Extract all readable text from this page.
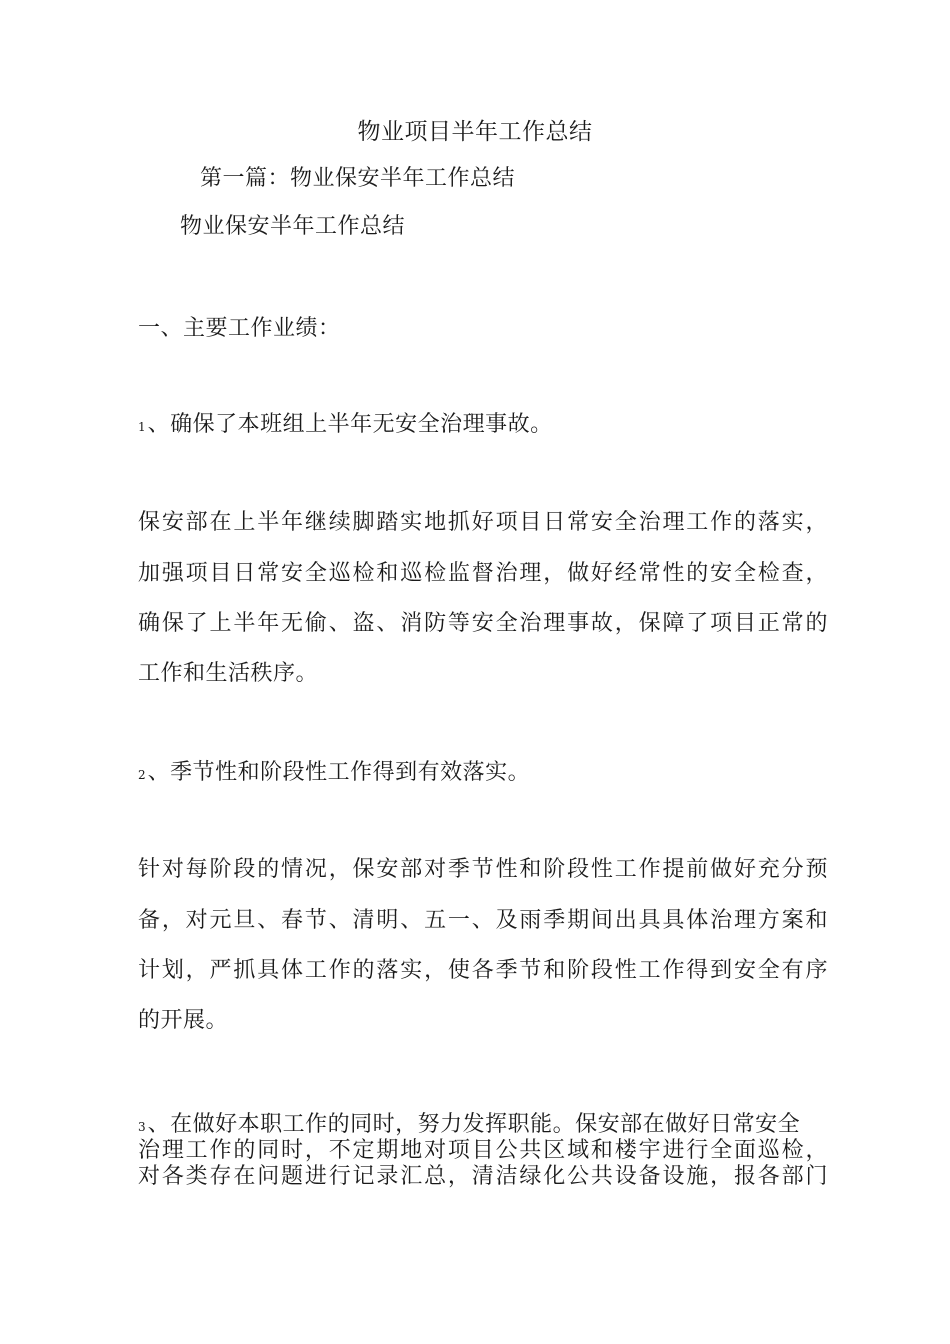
物业项目半年工作总结
第一篇：物业保安半年工作总结
物业保安半年工作总结
一、主要工作业绩：
1、确保了本班组上半年无安全治理事故。
保安部在上半年继续脚踏实地抓好项目日常安全治理工作的落实，
加强项目日常安全巡检和巡检监督治理，做好经常性的安全检查，
确保了上半年无偷、盗、消防等安全治理事故，保障了项目正常的
工作和生活秩序。
2、季节性和阶段性工作得到有效落实。
针对每阶段的情况，保安部对季节性和阶段性工作提前做好充分预
备，对元旦、春节、清明、五一、及雨季期间出具具体治理方案和
计划，严抓具体工作的落实，使各季节和阶段性工作得到安全有序
的开展。
3、在做好本职工作的同时，努力发挥职能。保安部在做好日常安全
治理工作的同时，不定期地对项目公共区域和楼宇进行全面巡检，
对各类存在问题进行记录汇总，清洁绿化公共设备设施，报各部门
